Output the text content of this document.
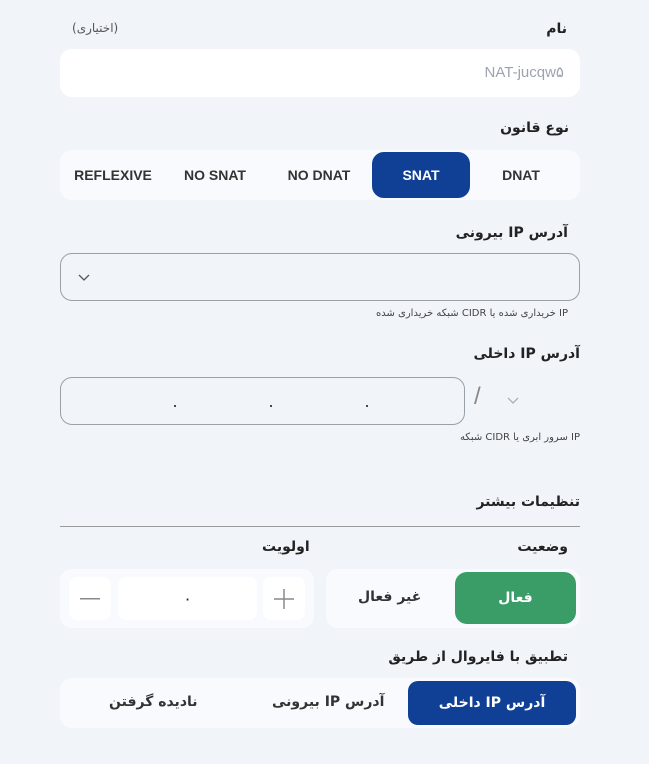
نام
(اختیاری)
NAT-jucqw۵
نوع قانون
REFLEXIVE	NO SNAT	NO DNAT	SNAT	DNAT
آدرس IP بیرونی
IP خریداری شده یا CIDR شبکه خریداری شده
آدرس IP داخلی
.	.	.	/
IP سرور ابری یا CIDR شبکه
تنظیمات بیشتر
وضعیت
اولویت
غیر فعال	فعال
۰
تطبیق با فایروال از طریق
نادیده گرفتن	آدرس IP بیرونی	آدرس IP داخلی
